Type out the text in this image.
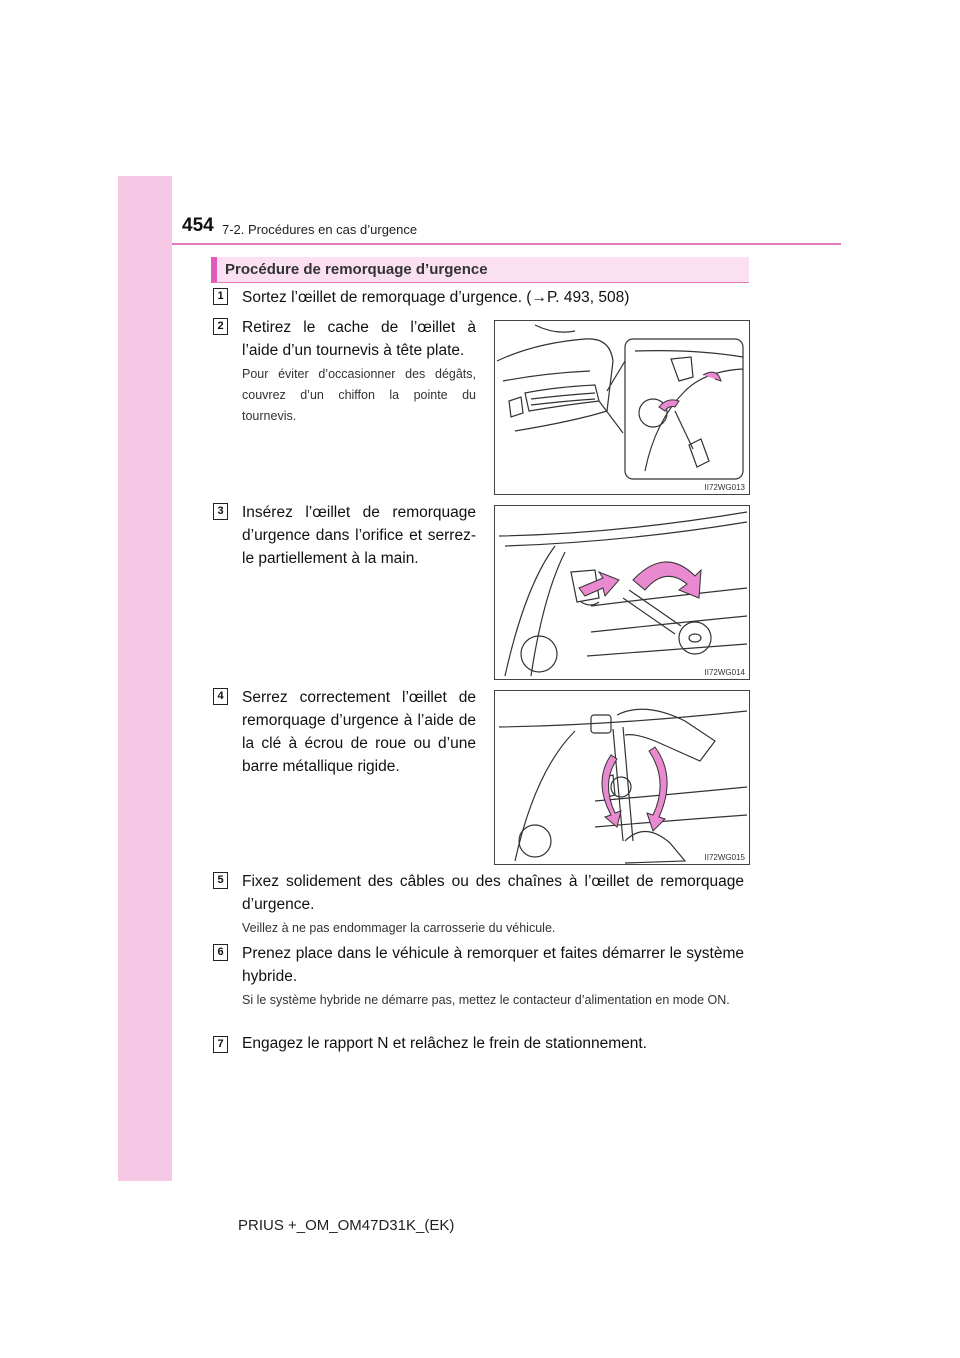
454 7-2. Procédures en cas d’urgence
Procédure de remorquage d’urgence
1 Sortez l’œillet de remorquage d’urgence. (→P. 493, 508)
2 Retirez le cache de l’œillet à l’aide d’un tournevis à tête plate.
Pour éviter d’occasionner des dégâts, couvrez d’un chiffon la pointe du tournevis.
II72WG013
3 Insérez l’œillet de remorquage d’urgence dans l’orifice et serrez-le partiellement à la main.
II72WG014
4 Serrez correctement l’œillet de remorquage d’urgence à l’aide de la clé à écrou de roue ou d’une barre métallique rigide.
II72WG015
5 Fixez solidement des câbles ou des chaînes à l’œillet de remorquage d’urgence.
Veillez à ne pas endommager la carrosserie du véhicule.
6 Prenez place dans le véhicule à remorquer et faites démarrer le système hybride.
Si le système hybride ne démarre pas, mettez le contacteur d’alimentation en mode ON.
7 Engagez le rapport N et relâchez le frein de stationnement.
PRIUS +_OM_OM47D31K_(EK)
